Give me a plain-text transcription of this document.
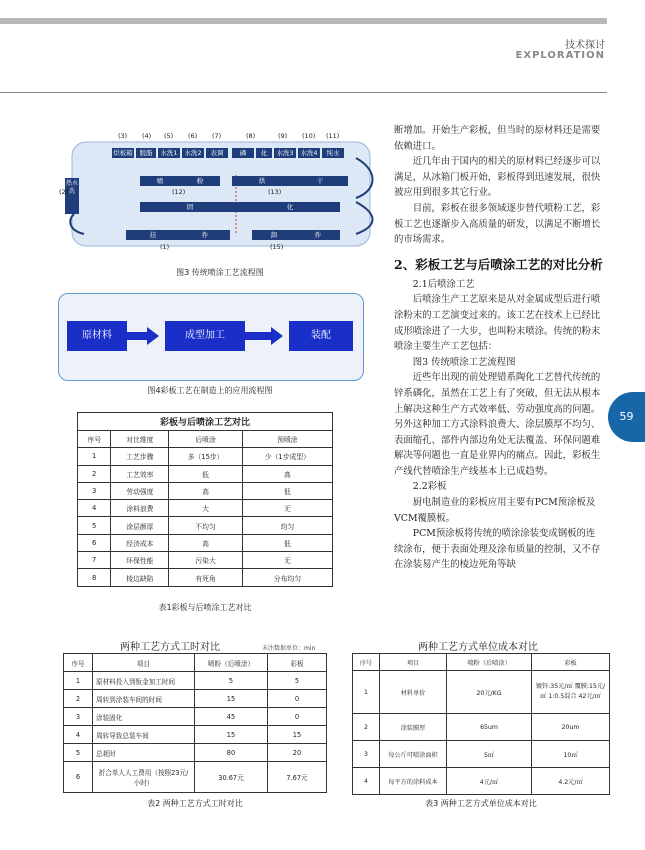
技术探讨
EXPLORATION
59
(3) (4) (5) (6) (7)	(8)	(9) (10) (11)
烘板箱	脱脂	水洗1	水洗2	表调	磷	化	水洗3	水洗4	纯水
(2)
热水洗
喷	粉	烘	干
(12)	(13)
固	化
挂	件	卸	件
(1)	(15)
图3 传统喷涂工艺流程图
原材料	成型加工	装配
图4彩板工艺在制造上的应用流程图
彩板与后喷涂工艺对比			
序号	对比维度	后喷涂	预喷涂
1	工艺步骤	多（15步）	少（1步成型）
2	工艺效率	低	高
3	劳动强度	高	低
4	涂料浪费	大	无
5	涂层颜厚	不均匀	均匀
6	经济成本	高	低
7	环保性能	污染大	无
8	棱边缺陷	有死角	分布均匀
表1彩板与后喷涂工艺对比

断增加。开始生产彩板，但当时的原材料还是需要依赖进口。

近几年由于国内的相关的原材料已经逐步可以满足，从冰箱门板开始，彩板得到迅速发展，很快被应用到很多其它行业。

目前，彩板在很多领域逐步替代喷粉工艺，彩板工艺也逐渐步入高质量的研发，以满足不断增长的市场需求。

2、彩板工艺与后喷涂工艺的对比分析

2.1后喷涂工艺

后喷涂生产工艺原来是从对金属成型后进行喷涂粉末的工艺演变过来的。该工艺在技术上已经比成形喷涂进了一大步，也叫粉末喷涂。传统的粉末喷涂主要生产工艺包括：

图3 传统喷涂工艺流程图

近些年出现的前处理错系陶化工艺替代传统的锌系磷化，虽然在工艺上有了突破，但无法从根本上解决这种生产方式效率低、劳动强度高的问题。另外这种加工方式涂料浪费大、涂层膜厚不均匀、表面缩孔、部件内部边角处无法覆盖、环保问题难解决等问题也一直是业界内的痛点。因此，彩板生产线代替喷涂生产线基本上已成趋势。

2.2彩板

厨电制造业的彩板应用主要有PCM预涂板及VCM覆膜板。

PCM预涂板将传统的喷涂涂装变成钢板的连续涂布，便于表面处理及涂布质量的控制，又不存在涂装易产生的棱边死角等缺

两种工艺方式工时对比	未注数据单位：min
序号	项目	喷粉（后喷涂）	彩板
1	原材料投入到钣金加工时间	5	5
2	周转到涂装车间的时间	15	0
3	涂装固化	45	0
4	周转导致总装车间	15	15
5	总耗时	80	20
6	折合单人人工费用（按照23元/小时）	30.67元	7.67元
表2 两种工艺方式工时对比
两种工艺方式单位成本对比
序号	项目	喷粉（后喷涂）	彩板
1	材料单价	20元/KG	镀锌:35元/㎡ 覆膜:15元/㎡ 1:0.5混合 42元/㎡
2	涂装膜厚	65um	20um
3	每公斤可喷涂面积	5㎡	10㎡
4	每平方的涂料成本	4元/㎡	4.2元/㎡
表3 两种工艺方式单位成本对比
